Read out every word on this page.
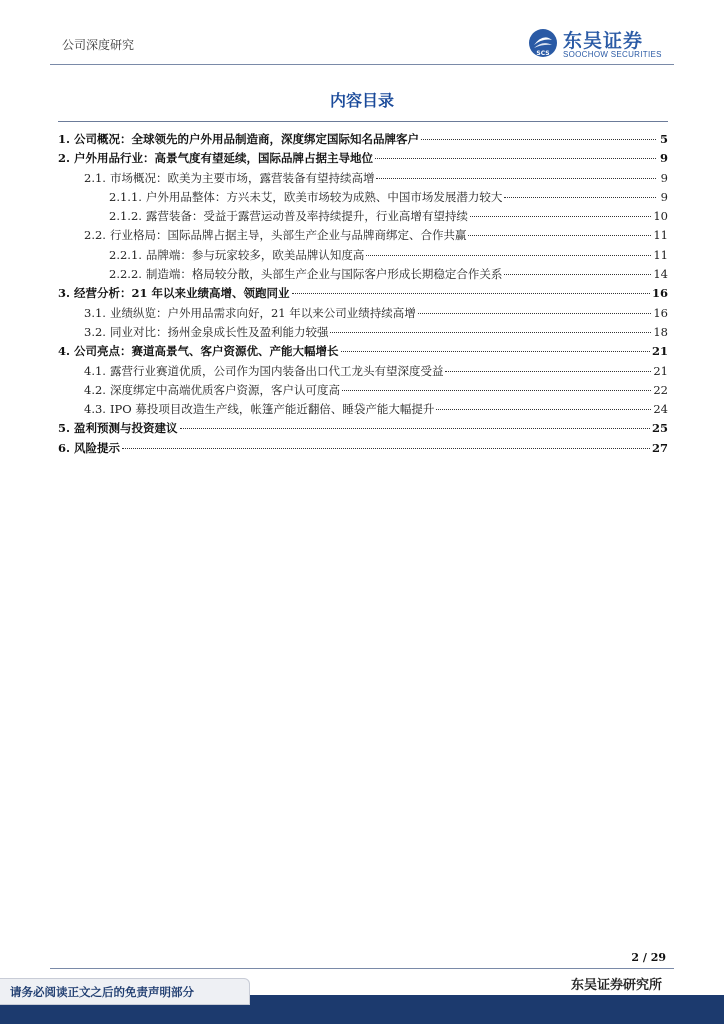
公司深度研究
SCS
东吴证券
SOOCHOW SECURITIES
内容目录
1. 公司概况：全球领先的户外用品制造商，深度绑定国际知名品牌客户	5
2. 户外用品行业：高景气度有望延续，国际品牌占据主导地位	9
2.1. 市场概况：欧美为主要市场，露营装备有望持续高增	9
2.1.1. 户外用品整体：方兴未艾，欧美市场较为成熟、中国市场发展潜力较大	9
2.1.2. 露营装备：受益于露营运动普及率持续提升，行业高增有望持续	10
2.2. 行业格局：国际品牌占据主导，头部生产企业与品牌商绑定、合作共赢	11
2.2.1. 品牌端：参与玩家较多，欧美品牌认知度高	11
2.2.2. 制造端：格局较分散，头部生产企业与国际客户形成长期稳定合作关系	14
3. 经营分析：21 年以来业绩高增、领跑同业	16
3.1. 业绩纵览：户外用品需求向好，21 年以来公司业绩持续高增	16
3.2. 同业对比：扬州金泉成长性及盈利能力较强	18
4. 公司亮点：赛道高景气、客户资源优、产能大幅增长	21
4.1. 露营行业赛道优质，公司作为国内装备出口代工龙头有望深度受益	21
4.2. 深度绑定中高端优质客户资源，客户认可度高	22
4.3. IPO 募投项目改造生产线，帐篷产能近翻倍、睡袋产能大幅提升	24
5. 盈利预测与投资建议	25
6. 风险提示	27
2 / 29
东吴证券研究所
请务必阅读正文之后的免责声明部分
